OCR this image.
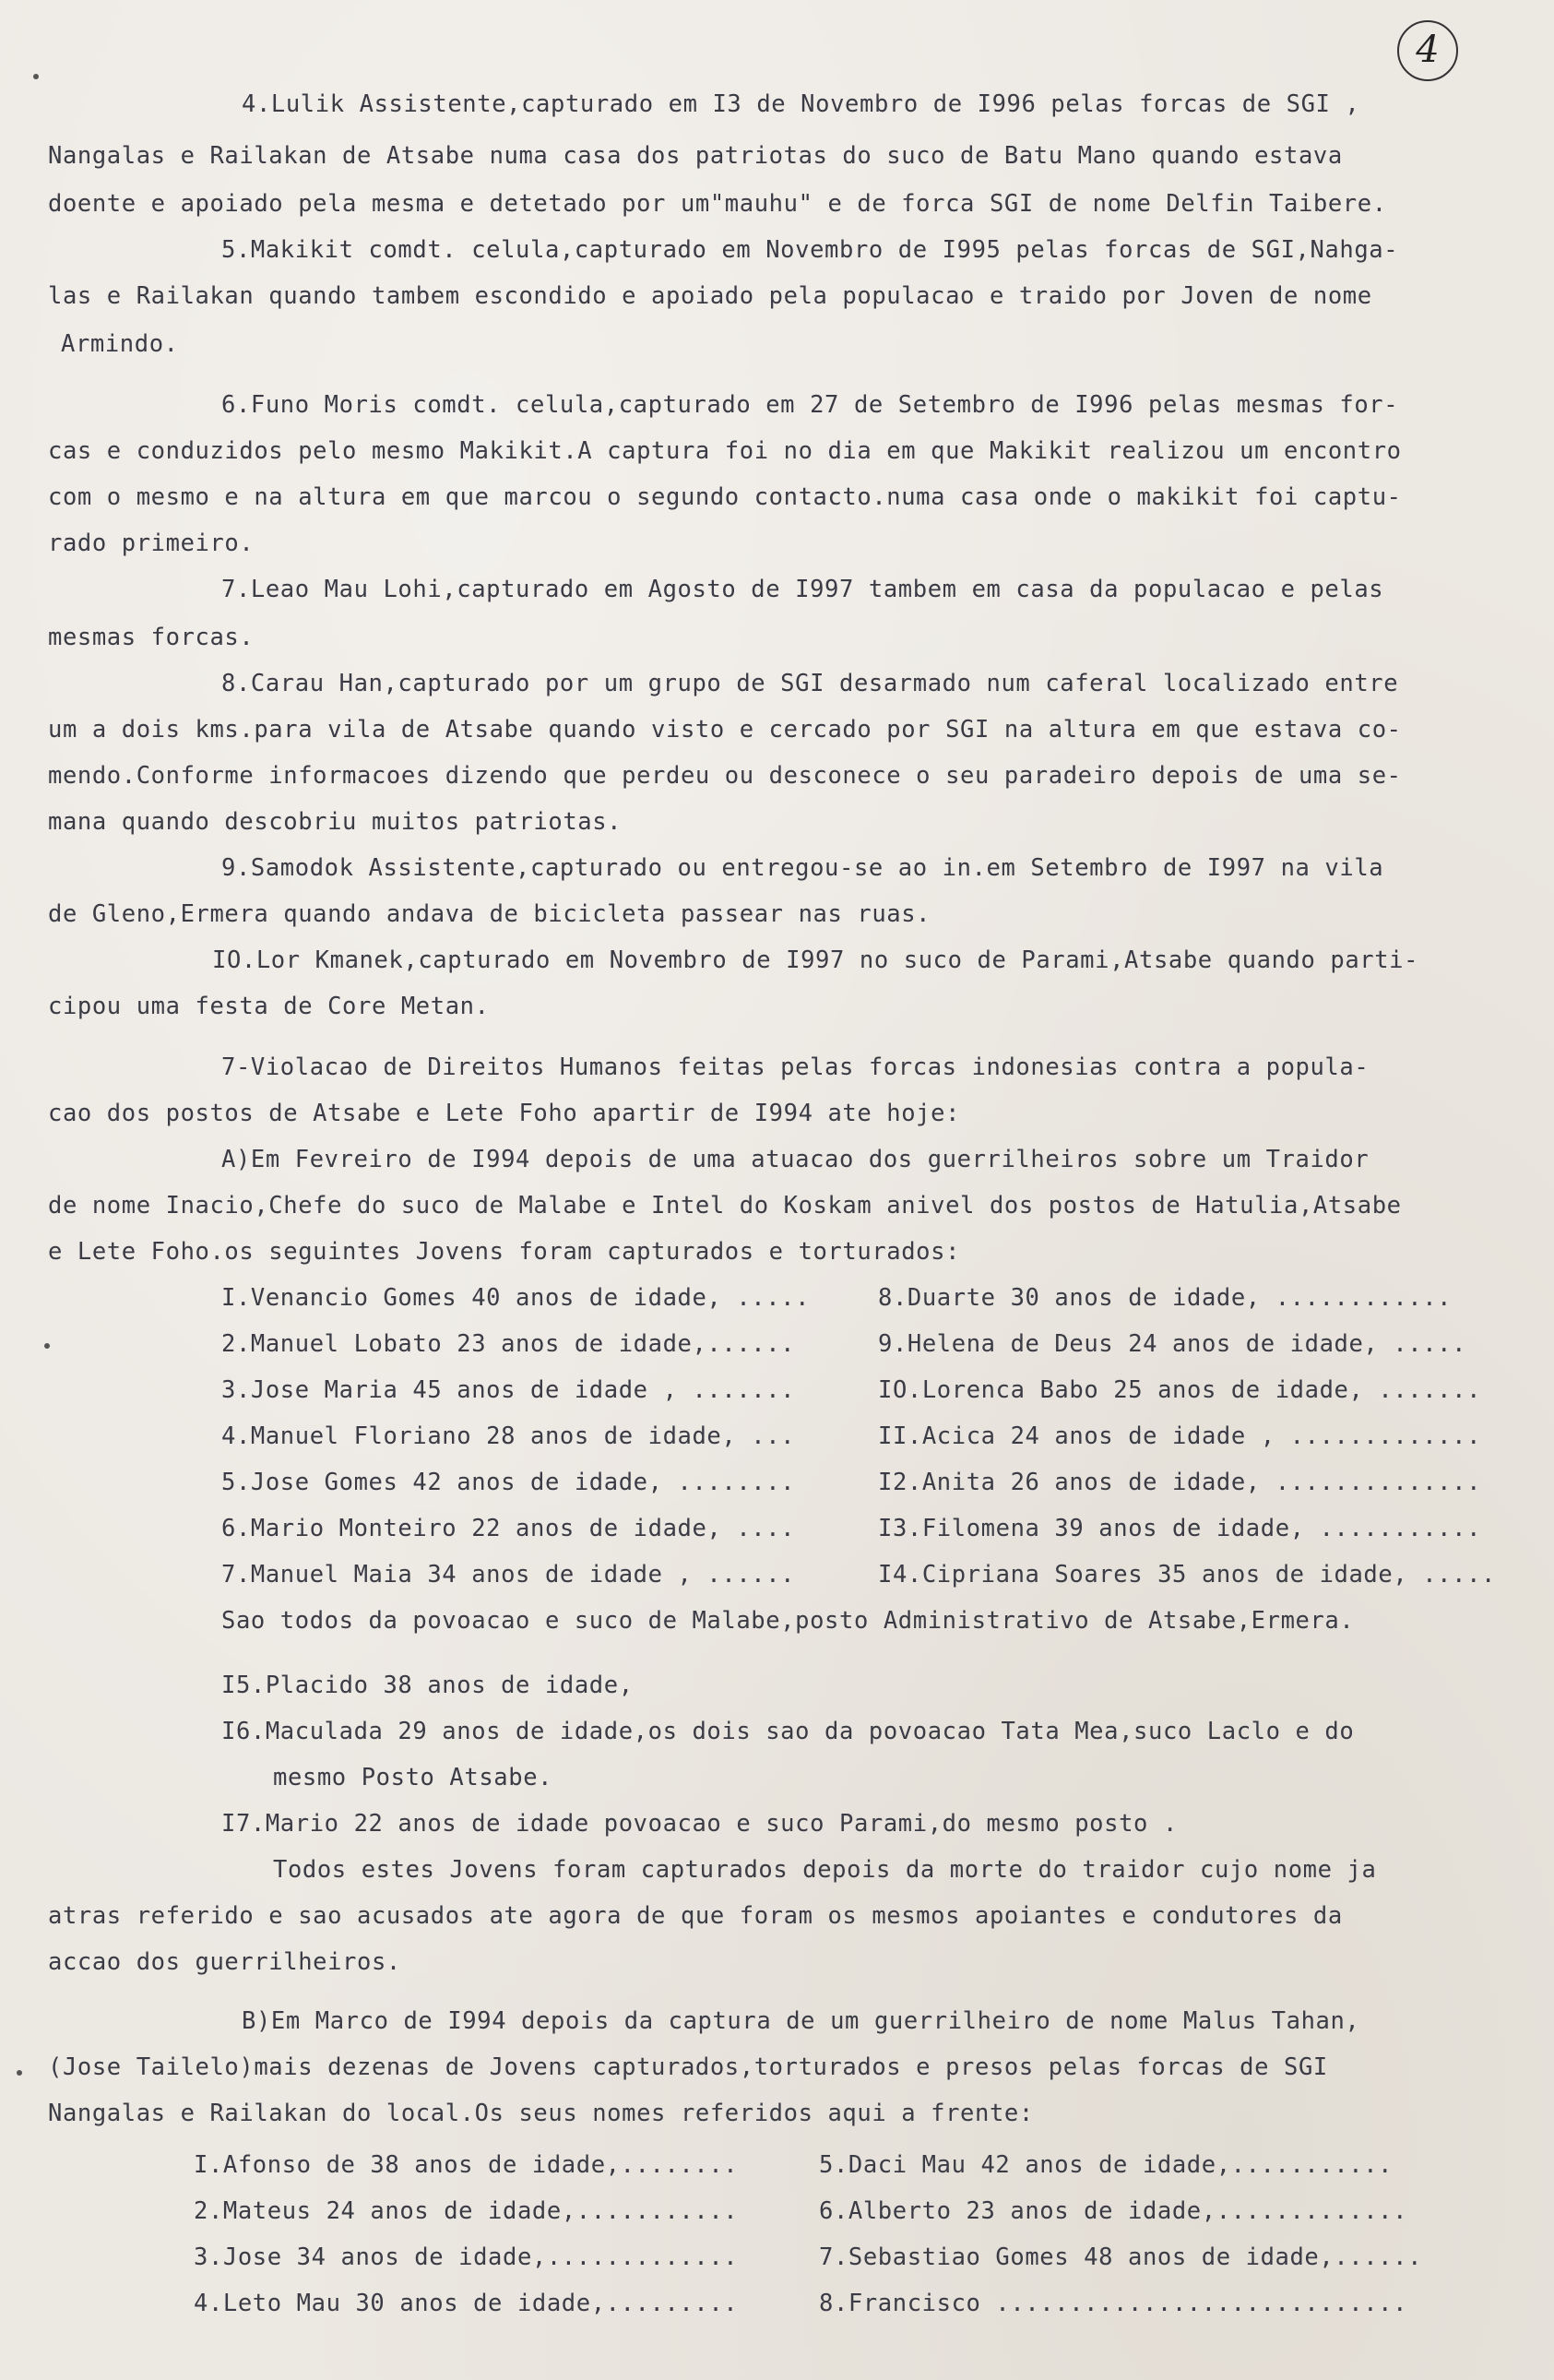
4
4.Lulik Assistente,capturado em I3 de Novembro de I996 pelas forcas de SGI ,
Nangalas e Railakan de Atsabe numa casa dos patriotas do suco de Batu Mano quando estava
doente e apoiado pela mesma e detetado por um"mauhu" e de forca SGI de nome Delfin Taibere.
5.Makikit comdt. celula,capturado em Novembro de I995 pelas forcas de SGI,Nahga-
las e Railakan quando tambem escondido e apoiado pela populacao e traido por Joven de nome
Armindo.
6.Funo Moris comdt. celula,capturado em 27 de Setembro de I996 pelas mesmas for-
cas e conduzidos pelo mesmo Makikit.A captura foi no dia em que Makikit realizou um encontro
com o mesmo e na altura em que marcou o segundo contacto.numa casa onde o makikit foi captu-
rado primeiro.
7.Leao Mau Lohi,capturado em Agosto de I997 tambem em casa da populacao e pelas
mesmas forcas.
8.Carau Han,capturado por um grupo de SGI desarmado num caferal localizado entre
um a dois kms.para vila de Atsabe quando visto e cercado por SGI na altura em que estava co-
mendo.Conforme informacoes dizendo que perdeu ou desconece o seu paradeiro depois de uma se-
mana quando descobriu muitos patriotas.
9.Samodok Assistente,capturado ou entregou-se ao in.em Setembro de I997 na vila
de Gleno,Ermera quando andava de bicicleta passear nas ruas.
IO.Lor Kmanek,capturado em Novembro de I997 no suco de Parami,Atsabe quando parti-
cipou uma festa de Core Metan.
7-Violacao de Direitos Humanos feitas pelas forcas indonesias contra a popula-
cao dos postos de Atsabe e Lete Foho apartir de I994 ate hoje:
A)Em Fevreiro de I994 depois de uma atuacao dos guerrilheiros sobre um Traidor
de nome Inacio,Chefe do suco de Malabe e Intel do Koskam anivel dos postos de Hatulia,Atsabe
e Lete Foho.os seguintes Jovens foram capturados e torturados:
I.Venancio Gomes 40 anos de idade, .....
2.Manuel Lobato 23 anos de idade,......
3.Jose Maria 45 anos de idade , .......
4.Manuel Floriano 28 anos de idade, ...
5.Jose Gomes 42 anos de idade, ........
6.Mario Monteiro 22 anos de idade, ....
7.Manuel Maia 34 anos de idade , ......
8.Duarte 30 anos de idade, ............
9.Helena de Deus 24 anos de idade, .....
IO.Lorenca Babo 25 anos de idade, .......
II.Acica 24 anos de idade , .............
I2.Anita 26 anos de idade, ..............
I3.Filomena 39 anos de idade, ...........
I4.Cipriana Soares 35 anos de idade, .....
Sao todos da povoacao e suco de Malabe,posto Administrativo de Atsabe,Ermera.
I5.Placido 38 anos de idade,
I6.Maculada 29 anos de idade,os dois sao da povoacao Tata Mea,suco Laclo e do
mesmo Posto Atsabe.
I7.Mario 22 anos de idade povoacao e suco Parami,do mesmo posto .
Todos estes Jovens foram capturados depois da morte do traidor cujo nome ja
atras referido e sao acusados ate agora de que foram os mesmos apoiantes e condutores da
accao dos guerrilheiros.
B)Em Marco de I994 depois da captura de um guerrilheiro de nome Malus Tahan,
(Jose Tailelo)mais dezenas de Jovens capturados,torturados e presos pelas forcas de SGI
Nangalas e Railakan do local.Os seus nomes referidos aqui a frente:
I.Afonso de 38 anos de idade,........
2.Mateus 24 anos de idade,...........
3.Jose 34 anos de idade,.............
4.Leto Mau 30 anos de idade,.........
5.Daci Mau 42 anos de idade,...........
6.Alberto 23 anos de idade,.............
7.Sebastiao Gomes 48 anos de idade,......
8.Francisco ............................
